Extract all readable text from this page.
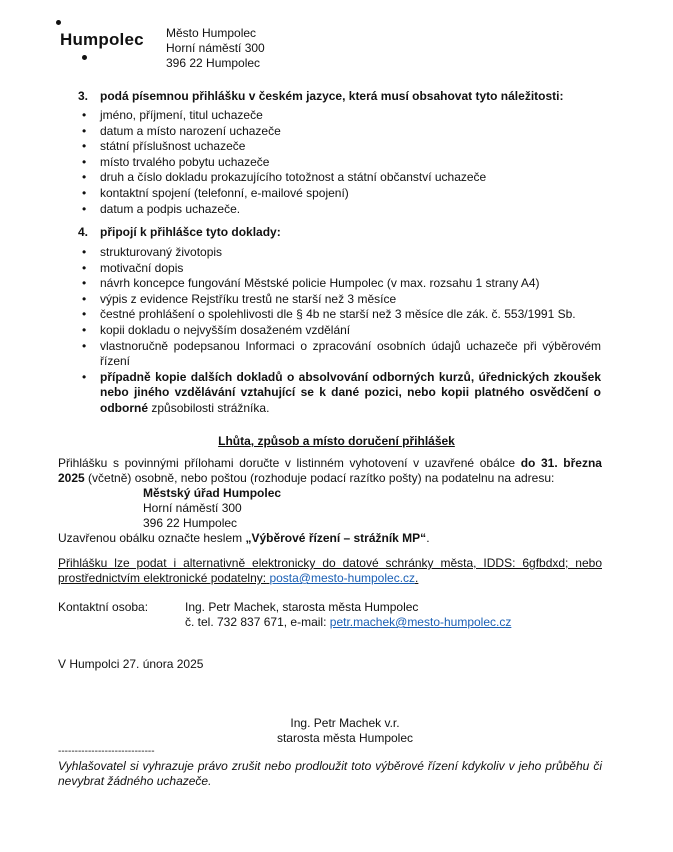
Humpolec Město Humpolec
Horní náměstí 300
396 22 Humpolec
3. podá písemnou přihlášku v českém jazyce, která musí obsahovat tyto náležitosti:
• jméno, příjmení, titul uchazeče
• datum a místo narození uchazeče
• státní příslušnost uchazeče
• místo trvalého pobytu uchazeče
• druh a číslo dokladu prokazujícího totožnost a státní občanství uchazeče
• kontaktní spojení (telefonní, e-mailové spojení)
• datum a podpis uchazeče.
4. připojí k přihlášce tyto doklady:
• strukturovaný životopis
• motivační dopis
• návrh koncepce fungování Městské policie Humpolec (v max. rozsahu 1 strany A4)
• výpis z evidence Rejstříku trestů ne starší než 3 měsíce
• čestné prohlášení o spolehlivosti dle § 4b ne starší než 3 měsíce dle zák. č. 553/1991 Sb.
• kopii dokladu o nejvyšším dosaženém vzdělání
• vlastnoručně podepsanou Informaci o zpracování osobních údajů uchazeče při výběrovém řízení
• případně kopie dalších dokladů o absolvování odborných kurzů, úřednických zkoušek nebo jiného vzdělávání vztahující se k dané pozici, nebo kopii platného osvědčení o odborné způsobilosti strážníka.
Lhůta, způsob a místo doručení přihlášek
Přihlášku s povinnými přílohami doručte v listinném vyhotovení v uzavřené obálce do 31. března 2025 (včetně) osobně, nebo poštou (rozhoduje podací razítko pošty) na podatelnu na adresu:
Městský úřad Humpolec
Horní náměstí 300
396 22 Humpolec
Uzavřenou obálku označte heslem „Výběrové řízení – strážník MP“.
Přihlášku lze podat i alternativně elektronicky do datové schránky města, IDDS: 6gfbdxd; nebo prostřednictvím elektronické podatelny: posta@mesto-humpolec.cz.
Kontaktní osoba:	Ing. Petr Machek, starosta města Humpolec
č. tel. 732 837 671, e-mail: petr.machek@mesto-humpolec.cz
V Humpolci 27. února 2025
Ing. Petr Machek v.r.
starosta města Humpolec
-----------------------------
Vyhlašovatel si vyhrazuje právo zrušit nebo prodloužit toto výběrové řízení kdykoliv v jeho průběhu či nevybrat žádného uchazeče.
